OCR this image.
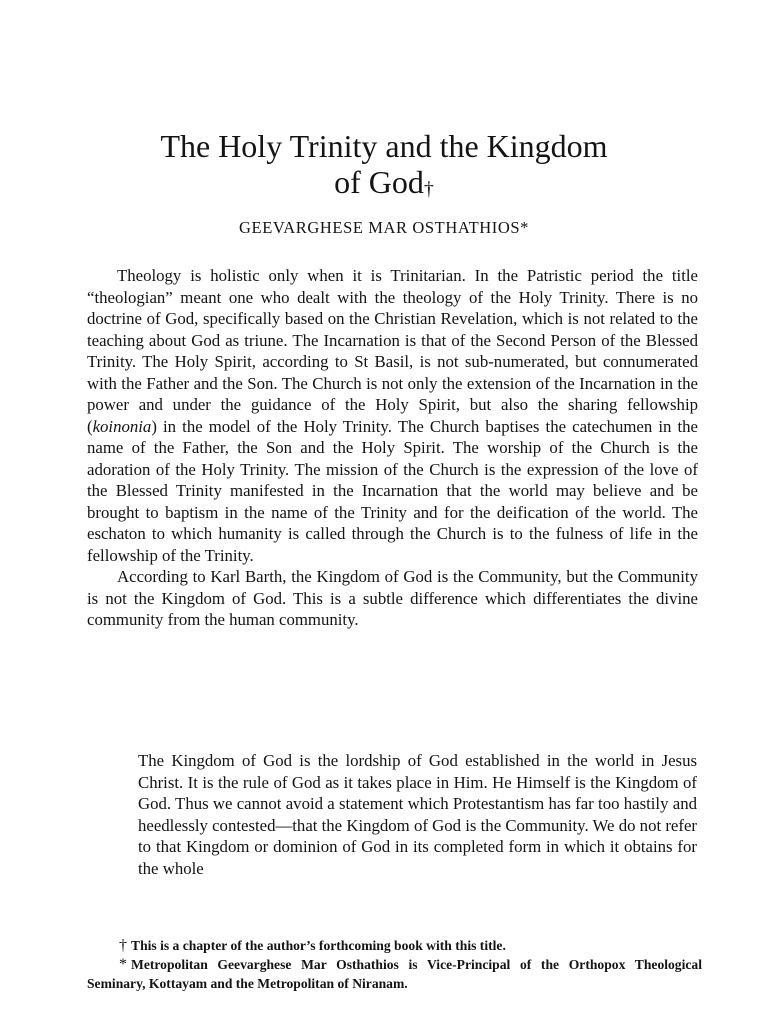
The Holy Trinity and the Kingdom
of God†

GEEVARGHESE MAR OSTHATHIOS*

Theology is holistic only when it is Trinitarian. In the Patristic period the title “theologian” meant one who dealt with the theology of the Holy Trinity. There is no doctrine of God, specifically based on the Christian Revelation, which is not related to the teaching about God as triune. The Incarnation is that of the Second Person of the Blessed Trinity. The Holy Spirit, according to St Basil, is not sub-numerated, but connumerated with the Father and the Son. The Church is not only the extension of the Incarnation in the power and under the guidance of the Holy Spirit, but also the sharing fellowship (koinonia) in the model of the Holy Trinity. The Church baptises the catechumen in the name of the Father, the Son and the Holy Spirit. The worship of the Church is the adoration of the Holy Trinity. The mission of the Church is the expression of the love of the Blessed Trinity manifested in the Incarnation that the world may believe and be brought to baptism in the name of the Trinity and for the deification of the world. The eschaton to which humanity is called through the Church is to the fulness of life in the fellowship of the Trinity.

According to Karl Barth, the Kingdom of God is the Community, but the Community is not the Kingdom of God. This is a subtle difference which differentiates the divine community from the human community.

The Kingdom of God is the lordship of God established in the world in Jesus Christ. It is the rule of God as it takes place in Him. He Himself is the Kingdom of God. Thus we cannot avoid a statement which Protestantism has far too hastily and heedlessly contested—that the Kingdom of God is the Community. We do not refer to that Kingdom or dominion of God in its completed form in which it obtains for the whole

† This is a chapter of the author’s forthcoming book with this title.

* Metropolitan Geevarghese Mar Osthathios is Vice-Principal of the Orthopox Theological Seminary, Kottayam and the Metropolitan of Niranam.
